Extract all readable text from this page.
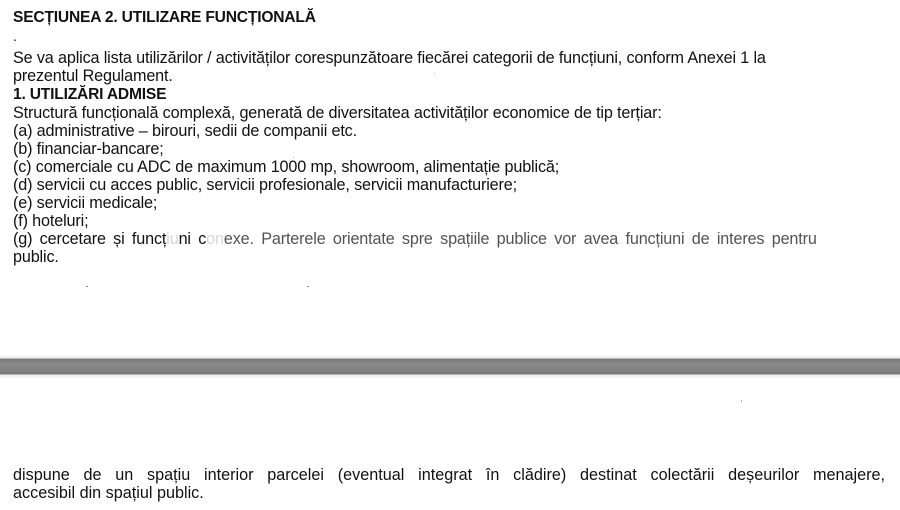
SECȚIUNEA 2. UTILIZARE FUNCȚIONALĂ
.
Se va aplica lista utilizărilor / activităților corespunzătoare fiecărei categorii de funcțiuni, conform Anexei 1 la
prezentul Regulament.
1. UTILIZĂRI ADMISE
Structură funcțională complexă, generată de diversitatea activităților economice de tip terțiar:
(a) administrative – birouri, sedii de companii etc.
(b) financiar-bancare;
(c) comerciale cu ADC de maximum 1000 mp, showroom, alimentație publică;
(d) servicii cu acces public, servicii profesionale, servicii manufacturiere;
(e) servicii medicale;
(f) hoteluri;
(g) cercetare și funcțiuni conexe. Parterele orientate spre spațiile publice vor avea funcțiuni de interes pentru
public.
dispune de un spațiu interior parcelei (eventual integrat în clădire) destinat colectării deșeurilor menajere,
accesibil din spațiul public.
